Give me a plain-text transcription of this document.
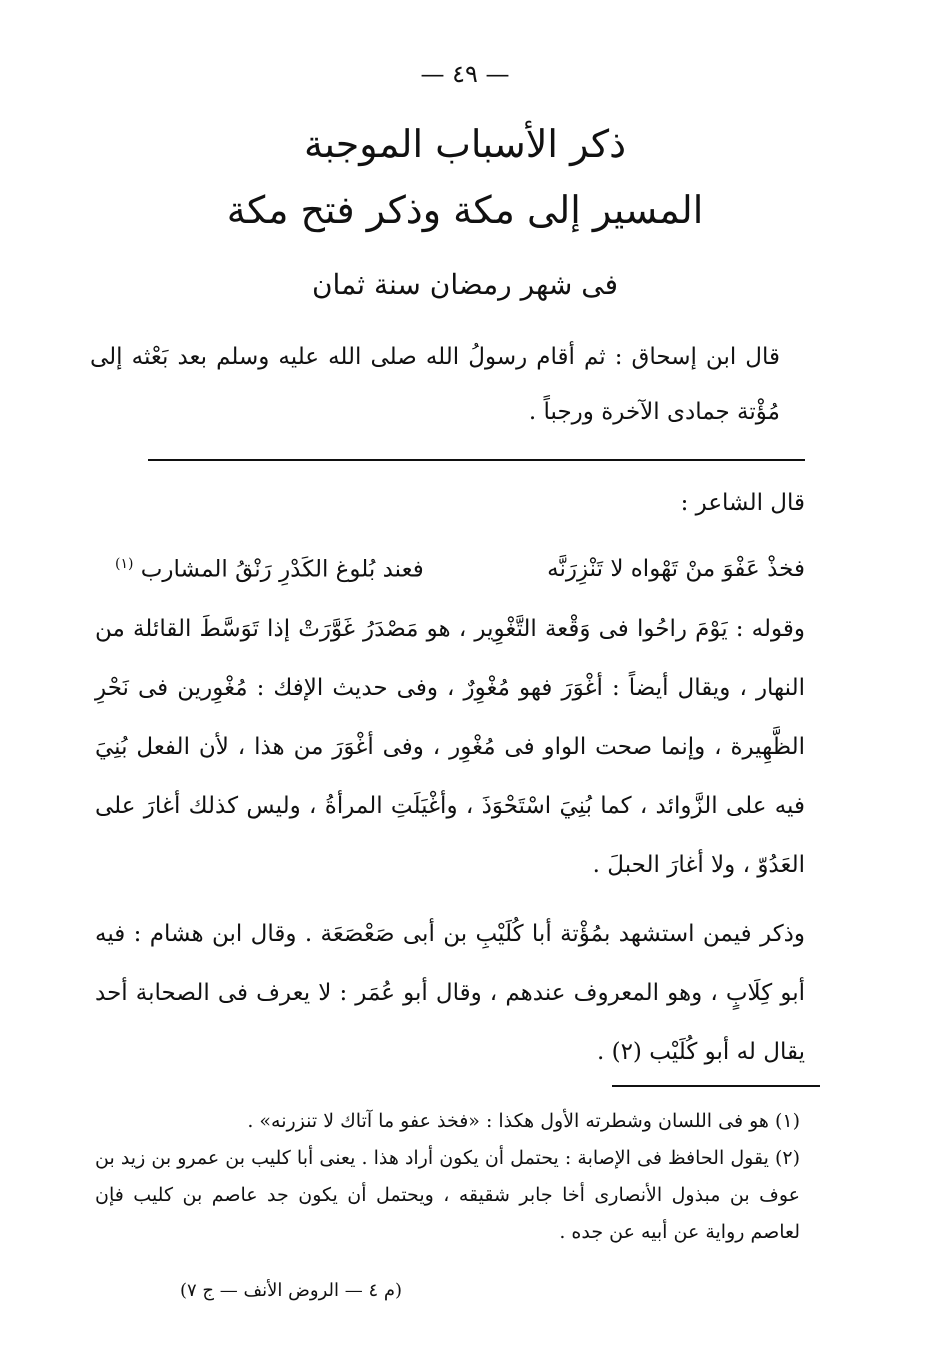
— ٤٩ —
ذكر الأسباب الموجبة
المسير إلى مكة وذكر فتح مكة
فى شهر رمضان سنة ثمان
قال ابن إسحاق : ثم أقام رسولُ الله صلى الله عليه وسلم بعد بَعْثه إلى مُؤْتة جمادى الآخرة ورجباً .
قال الشاعر :
فخذْ عَفْوَ منْ تَهْواه لا تَنْزِرَنَّه
فعند بُلوغ الكَدْرِ رَنْقُ المشارب $^{(١)}$
وقوله : يَوْمَ راحُوا فى وَقْعة التَّغْوِير ، هو مَصْدَرُ غَوَّرَتْ إذا تَوَسَّطَ القائلة من النهار ، ويقال أيضاً : أغْوَرَ فهو مُغْوِرٌ ، وفى حديث الإفك : مُغْوِرين فى نَحْرِ الظَّهِيرة ، وإنما صحت الواو فى مُغْوِر ، وفى أغْوَرَ من هذا ، لأن الفعل بُنِيَ فيه على الزَّوائد ، كما بُنِيَ اسْتَحْوَذَ ، وأغْيَلَتِ المرأةُ ، وليس كذلك أغارَ على العَدُوّ ، ولا أغارَ الحبلَ .
وذكر فيمن استشهد بمُؤْتة أبا كُلَيْبِ بن أبى صَعْصَعَة . وقال ابن هشام : فيه أبو كِلَابٍ ، وهو المعروف عندهم ، وقال أبو عُمَر : لا يعرف فى الصحابة أحد يقال له أبو كُلَيْب (٢) .

(١) هو فى اللسان وشطرته الأول هكذا : «فخذ عفو ما آتاك لا تنزرنه» .

(٢) يقول الحافظ فى الإصابة : يحتمل أن يكون أراد هذا . يعنى أبا كليب بن عمرو بن زيد بن عوف بن مبذول الأنصارى أخا جابر شقيقه ، ويحتمل أن يكون جد عاصم بن كليب فإن لعاصم رواية عن أبيه عن جده .

(م ٤ — الروض الأنف — ج ٧)
